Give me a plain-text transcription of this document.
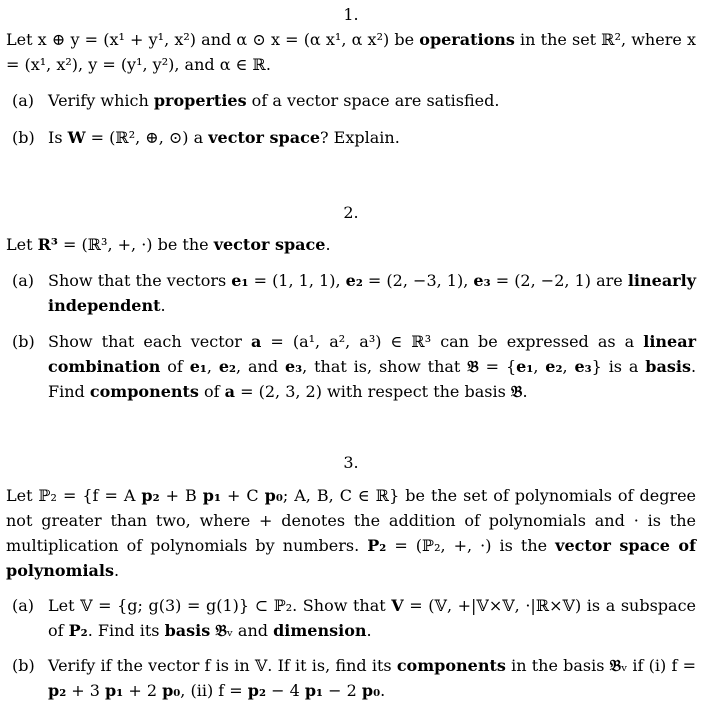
1.

Let x ⊕ y = (x¹ + y¹, x²) and α ⊙ x = (α x¹, α x²) be operations in the set ℝ², where x = (x¹, x²), y = (y¹, y²), and α ∈ ℝ.

(a) Verify which properties of a vector space are satisfied.

(b) Is W = (ℝ², ⊕, ⊙) a vector space? Explain.

2.

Let R³ = (ℝ³, +, ·) be the vector space.

(a) Show that the vectors e₁ = (1, 1, 1), e₂ = (2, −3, 1), e₃ = (2, −2, 1) are linearly independent.

(b) Show that each vector a = (a¹, a², a³) ∈ ℝ³ can be expressed as a linear combination of e₁, e₂, and e₃, that is, show that 𝔅 = {e₁, e₂, e₃} is a basis. Find components of a = (2, 3, 2) with respect the basis 𝔅.

3.

Let ℙ₂ = {f = A p₂ + B p₁ + C p₀; A, B, C ∈ ℝ} be the set of polynomials of degree not greater than two, where + denotes the addition of polynomials and · is the multiplication of polynomials by numbers. P₂ = (ℙ₂, +, ·) is the vector space of polynomials.

(a) Let 𝕍 = {g; g(3) = g(1)} ⊂ ℙ₂. Show that V = (𝕍, +|𝕍×𝕍, ·|ℝ×𝕍) is a subspace of P₂. Find its basis 𝔅ᵥ and dimension.

(b) Verify if the vector f is in 𝕍. If it is, find its components in the basis 𝔅ᵥ if (i) f = p₂ + 3 p₁ + 2 p₀, (ii) f = p₂ − 4 p₁ − 2 p₀.
